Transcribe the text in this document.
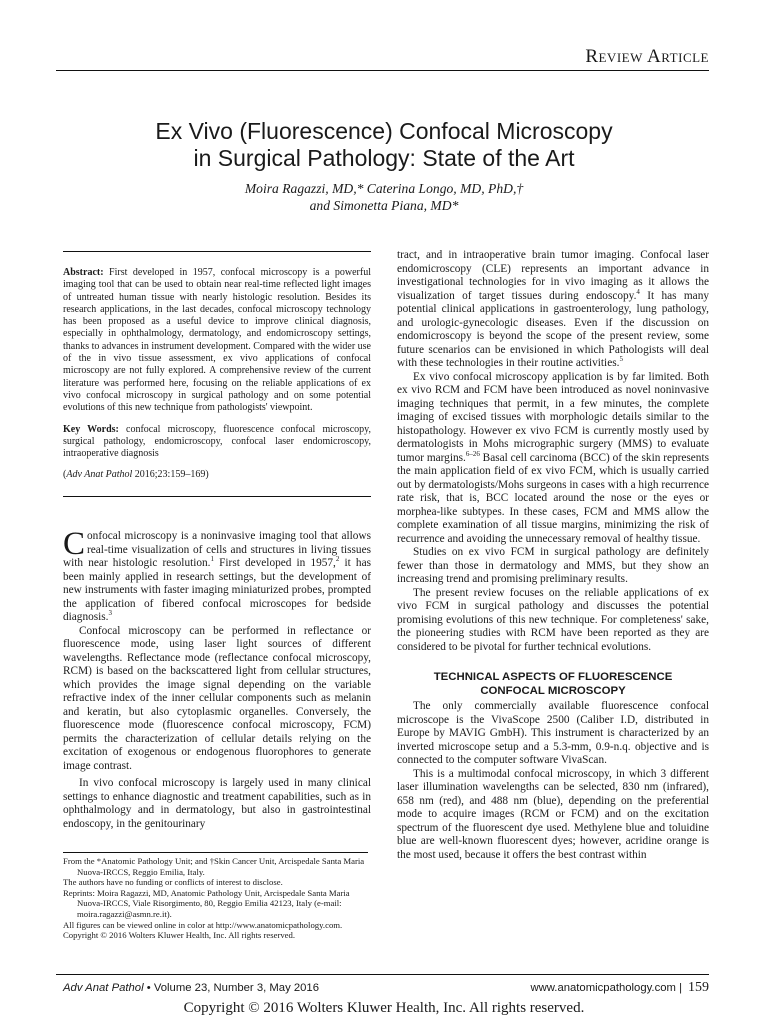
Review Article
Ex Vivo (Fluorescence) Confocal Microscopy
in Surgical Pathology: State of the Art
Moira Ragazzi, MD,* Caterina Longo, MD, PhD,†
and Simonetta Piana, MD*

Abstract: First developed in 1957, confocal microscopy is a powerful imaging tool that can be used to obtain near real-time reflected light images of untreated human tissue with nearly histologic resolution. Besides its research applications, in the last decades, confocal microscopy technology has been proposed as a useful device to improve clinical diagnosis, especially in ophthalmology, dermatology, and endomicroscopy settings, thanks to advances in instrument development. Compared with the wider use of the in vivo tissue assessment, ex vivo applications of confocal microscopy are not fully explored. A comprehensive review of the current literature was performed here, focusing on the reliable applications of ex vivo confocal microscopy in surgical pathology and on some potential evolutions of this new technique from pathologists' viewpoint.

Key Words: confocal microscopy, fluorescence confocal microscopy, surgical pathology, endomicroscopy, confocal laser endomicroscopy, intraoperative diagnosis

(Adv Anat Pathol 2016;23:159–169)

Confocal microscopy is a noninvasive imaging tool that allows real-time visualization of cells and structures in living tissues with near histologic resolution.$^1$ First developed in 1957,$^2$ it has been mainly applied in research settings, but the development of new instruments with faster imaging miniaturized probes, prompted the application of fibered confocal microscopes for bedside diagnosis.$^3$

Confocal microscopy can be performed in reflectance or fluorescence mode, using laser light sources of different wavelengths. Reflectance mode (reflectance confocal microscopy, RCM) is based on the backscattered light from cellular structures, which provides the image signal depending on the variable refractive index of the inner cellular components such as melanin and keratin, but also cytoplasmic organelles. Conversely, the fluorescence mode (fluorescence confocal microscopy, FCM) permits the characterization of cellular details relying on the excitation of exogenous or endogenous fluorophores to generate image contrast.

In vivo confocal microscopy is largely used in many clinical settings to enhance diagnostic and treatment capabilities, such as in ophthalmology and in dermatology, but also in gastrointestinal endoscopy, in the genitourinary

From the *Anatomic Pathology Unit; and †Skin Cancer Unit, Arcispedale Santa Maria Nuova-IRCCS, Reggio Emilia, Italy.

The authors have no funding or conflicts of interest to disclose.

Reprints: Moira Ragazzi, MD, Anatomic Pathology Unit, Arcispedale Santa Maria Nuova-IRCCS, Viale Risorgimento, 80, Reggio Emilia 42123, Italy (e-mail: moira.ragazzi@asmn.re.it).

All figures can be viewed online in color at http://www.anatomicpathology.com.

Copyright © 2016 Wolters Kluwer Health, Inc. All rights reserved.

tract, and in intraoperative brain tumor imaging. Confocal laser endomicroscopy (CLE) represents an important advance in investigational technologies for in vivo imaging as it allows the visualization of target tissues during endoscopy.$^4$ It has many potential clinical applications in gastroenterology, lung pathology, and urologic-gynecologic diseases. Even if the discussion on endomicroscopy is beyond the scope of the present review, some future scenarios can be envisioned in which Pathologists will deal with these technologies in their routine activities.$^5$

Ex vivo confocal microscopy application is by far limited. Both ex vivo RCM and FCM have been introduced as novel noninvasive imaging techniques that permit, in a few minutes, the complete imaging of excised tissues with morphologic details similar to the histopathology. However ex vivo FCM is currently mostly used by dermatologists in Mohs micrographic surgery (MMS) to evaluate tumor margins.$^{6-26}$ Basal cell carcinoma (BCC) of the skin represents the main application field of ex vivo FCM, which is usually carried out by dermatologists/Mohs surgeons in cases with a high recurrence rate risk, that is, BCC located around the nose or the eyes or morphea-like subtypes. In these cases, FCM and MMS allow the complete examination of all tissue margins, minimizing the risk of recurrence and avoiding the unnecessary removal of healthy tissue.

Studies on ex vivo FCM in surgical pathology are definitely fewer than those in dermatology and MMS, but they show an increasing trend and promising preliminary results.

The present review focuses on the reliable applications of ex vivo FCM in surgical pathology and discusses the potential promising evolutions of this new technique. For completeness' sake, the pioneering studies with RCM have been reported as they are considered to be pivotal for further technical evolutions.

TECHNICAL ASPECTS OF FLUORESCENCE
CONFOCAL MICROSCOPY

The only commercially available fluorescence confocal microscope is the VivaScope 2500 (Caliber I.D, distributed in Europe by MAVIG GmbH). This instrument is characterized by an inverted microscope setup and a 5.3-mm, 0.9-n.q. objective and is connected to the computer software VivaScan.

This is a multimodal confocal microscopy, in which 3 different laser illumination wavelengths can be selected, 830 nm (infrared), 658 nm (red), and 488 nm (blue), depending on the preferential mode to acquire images (RCM or FCM) and on the excitation spectrum of the fluorescent dye used. Methylene blue and toluidine blue are well-known fluorescent dyes; however, acridine orange is the most used, because it offers the best contrast within

Adv Anat Pathol • Volume 23, Number 3, May 2016	www.anatomicpathology.com | 159
Copyright © 2016 Wolters Kluwer Health, Inc. All rights reserved.
